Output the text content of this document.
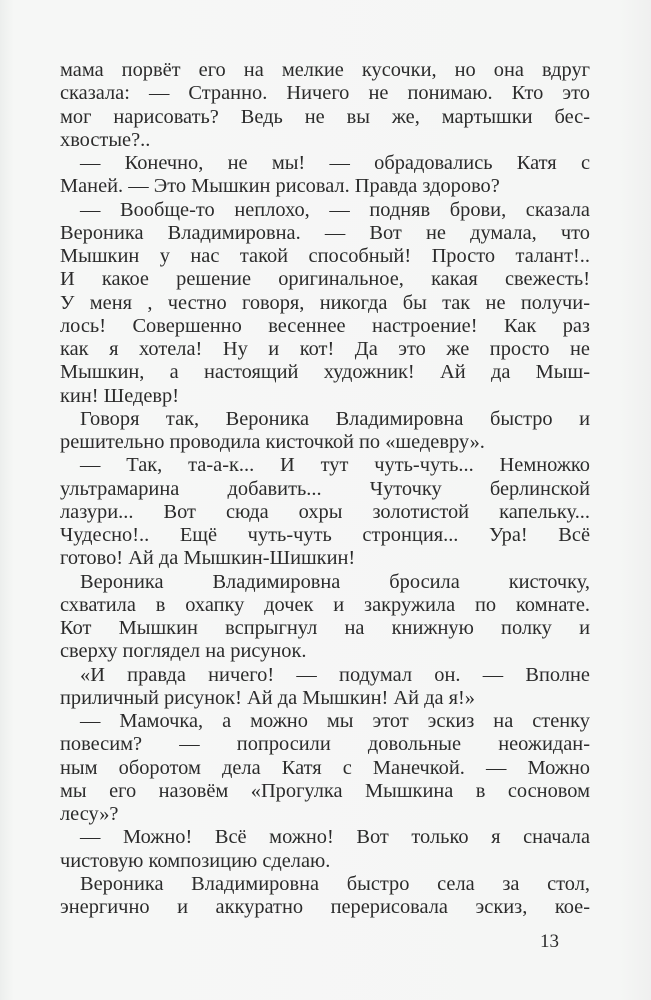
мама порвёт его на мелкие кусочки, но она вдруг
сказала: — Странно. Ничего не понимаю. Кто это
мог нарисовать? Ведь не вы же, мартышки бес-
хвостые?..
— Конечно, не мы! — обрадовались Катя с
Маней. — Это Мышкин рисовал. Правда здорово?
— Вообще-то неплохо, — подняв брови, сказала
Вероника Владимировна. — Вот не думала, что
Мышкин у нас такой способный! Просто талант!..
И какое решение оригинальное, какая свежесть!
У меня , честно говоря, никогда бы так не получи-
лось! Совершенно весеннее настроение! Как раз
как я хотела! Ну и кот! Да это же просто не
Мышкин, а настоящий художник! Ай да Мыш-
кин! Шедевр!
Говоря так, Вероника Владимировна быстро и
решительно проводила кисточкой по «шедевру».
— Так, та-а-к... И тут чуть-чуть... Немножко
ультрамарина добавить... Чуточку берлинской
лазури... Вот сюда охры золотистой капельку...
Чудесно!.. Ещё чуть-чуть стронция... Ура! Всё
готово! Ай да Мышкин-Шишкин!
Вероника Владимировна бросила кисточку,
схватила в охапку дочек и закружила по комнате.
Кот Мышкин вспрыгнул на книжную полку и
сверху поглядел на рисунок.
«И правда ничего! — подумал он. — Вполне
приличный рисунок! Ай да Мышкин! Ай да я!»
— Мамочка, а можно мы этот эскиз на стенку
повесим? — попросили довольные неожидан-
ным оборотом дела Катя с Манечкой. — Можно
мы его назовём «Прогулка Мышкина в сосновом
лесу»?
— Можно! Всё можно! Вот только я сначала
чистовую композицию сделаю.
Вероника Владимировна быстро села за стол,
энергично и аккуратно перерисовала эскиз, кое-
13
